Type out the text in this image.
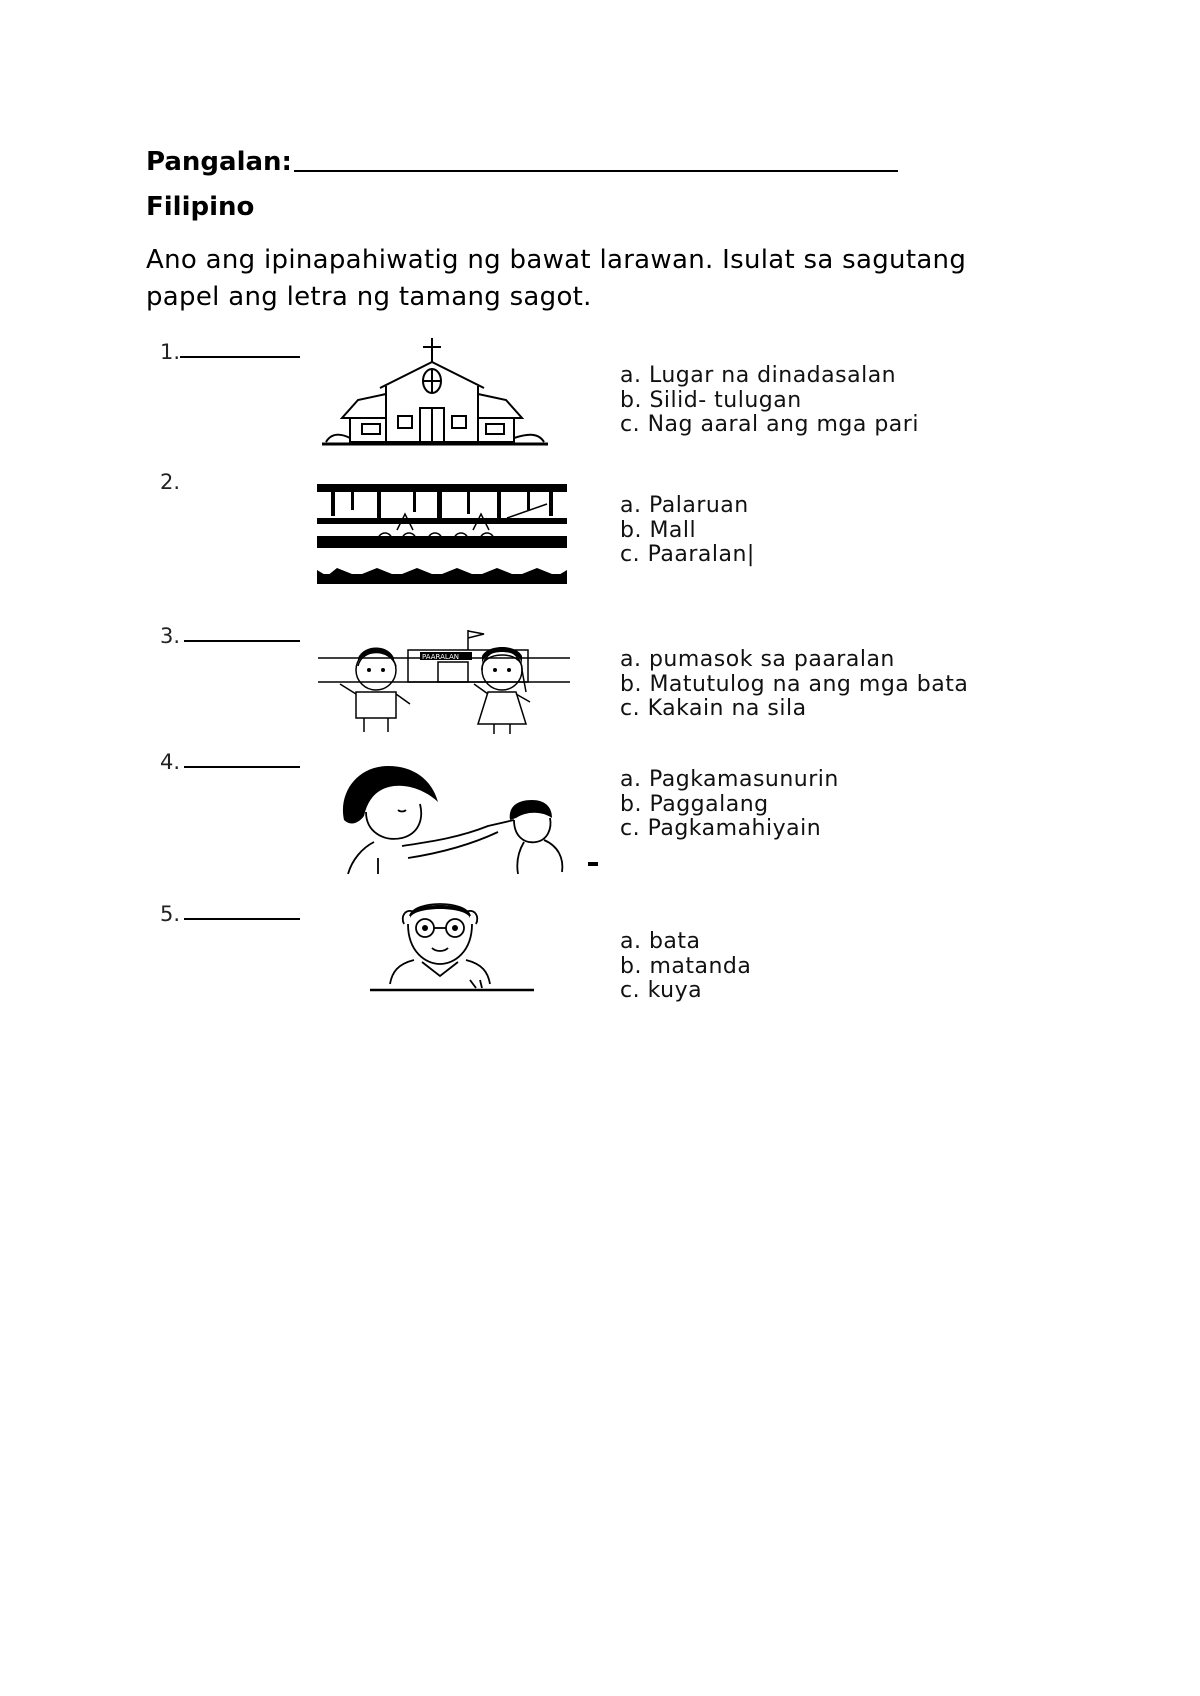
Pangalan:
Filipino
Ano ang ipinapahiwatig ng bawat larawan. Isulat sa sagutang papel ang letra ng tamang sagot.
1.
a. Lugar na dinadasalan
b. Silid- tulugan
c. Nag aaral ang mga pari
2.
a. Palaruan
b. Mall
c. Paaralan|
3.
PAARALAN	a. pumasok sa paaralan
b. Matutulog na ang mga bata
c. Kakain na sila
4.
a. Pagkamasunurin
b. Paggalang
c. Pagkamahiyain
5.
a. bata
b. matanda
c. kuya
